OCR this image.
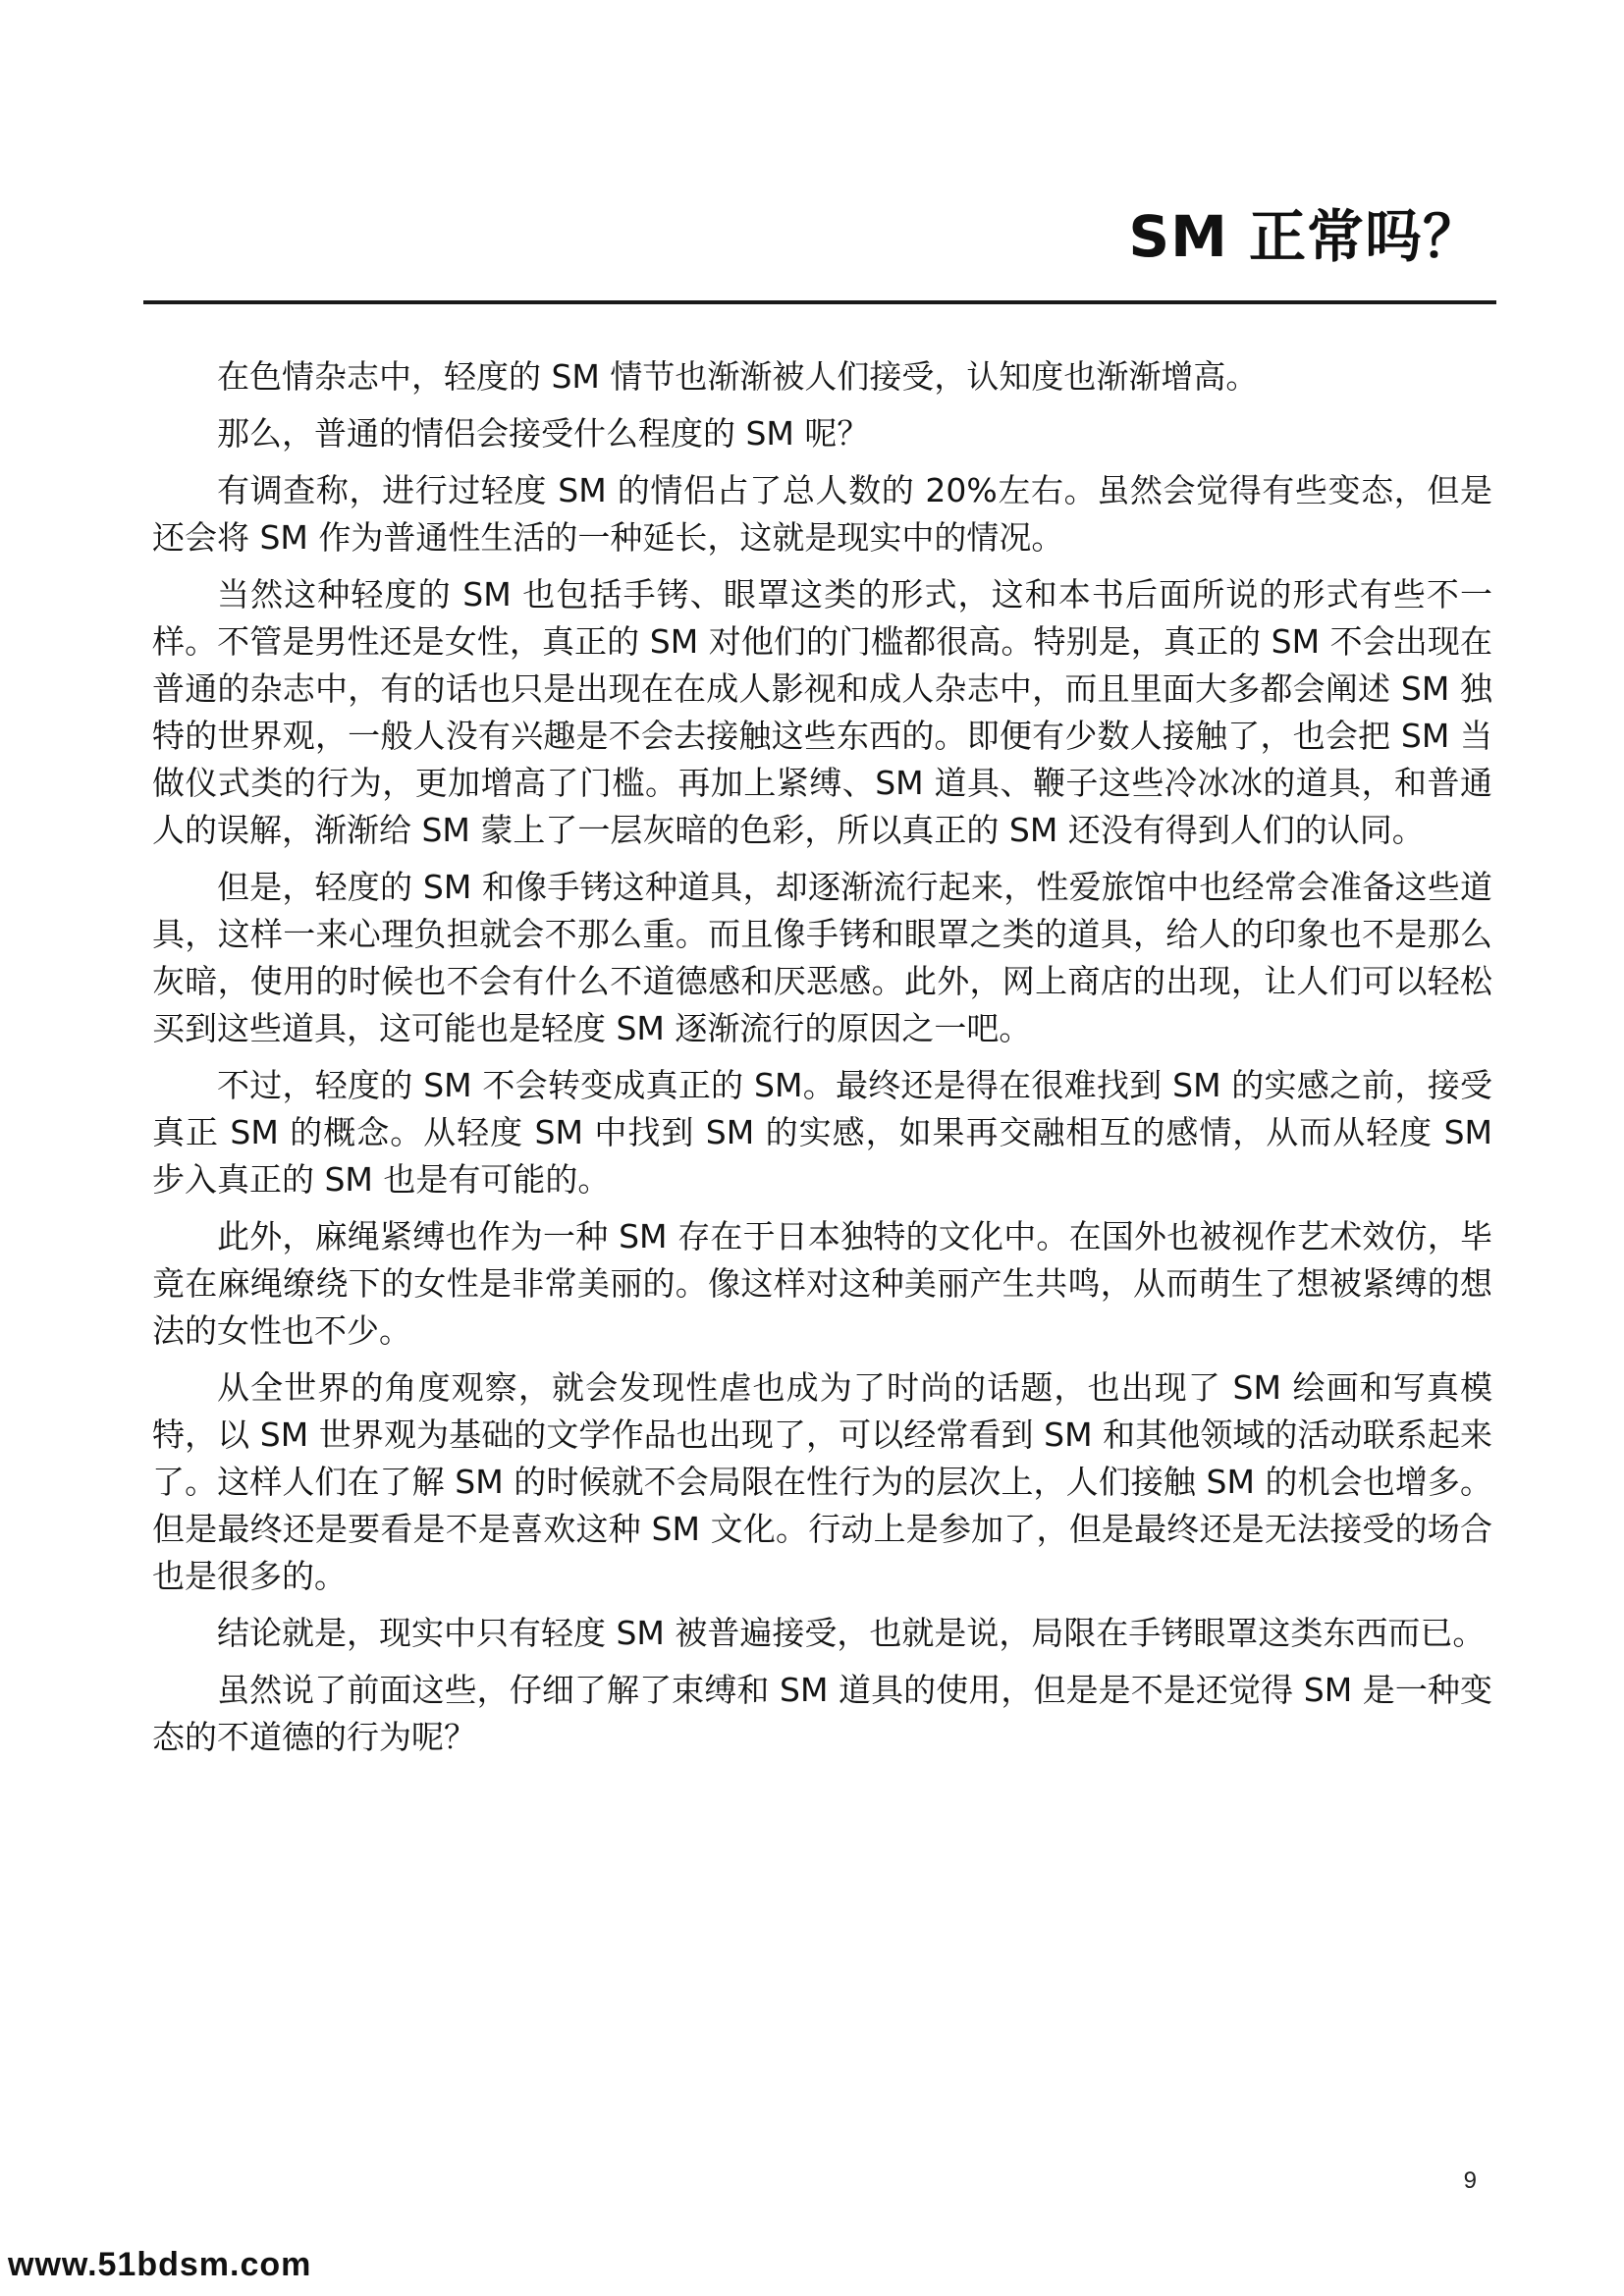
SM 正常吗？

在色情杂志中，轻度的 SM 情节也渐渐被人们接受，认知度也渐渐增高。

那么，普通的情侣会接受什么程度的 SM 呢？

有调查称，进行过轻度 SM 的情侣占了总人数的 20%左右。虽然会觉得有些变态，但是还会将 SM 作为普通性生活的一种延长，这就是现实中的情况。

当然这种轻度的 SM 也包括手铐、眼罩这类的形式，这和本书后面所说的形式有些不一样。不管是男性还是女性，真正的 SM 对他们的门槛都很高。特别是，真正的 SM 不会出现在普通的杂志中，有的话也只是出现在在成人影视和成人杂志中，而且里面大多都会阐述 SM 独特的世界观，一般人没有兴趣是不会去接触这些东西的。即便有少数人接触了，也会把 SM 当做仪式类的行为，更加增高了门槛。再加上紧缚、SM 道具、鞭子这些冷冰冰的道具，和普通人的误解，渐渐给 SM 蒙上了一层灰暗的色彩，所以真正的 SM 还没有得到人们的认同。

但是，轻度的 SM 和像手铐这种道具，却逐渐流行起来，性爱旅馆中也经常会准备这些道具，这样一来心理负担就会不那么重。而且像手铐和眼罩之类的道具，给人的印象也不是那么灰暗，使用的时候也不会有什么不道德感和厌恶感。此外，网上商店的出现，让人们可以轻松买到这些道具，这可能也是轻度 SM 逐渐流行的原因之一吧。

不过，轻度的 SM 不会转变成真正的 SM。最终还是得在很难找到 SM 的实感之前，接受真正 SM 的概念。从轻度 SM 中找到 SM 的实感，如果再交融相互的感情，从而从轻度 SM 步入真正的 SM 也是有可能的。

此外，麻绳紧缚也作为一种 SM 存在于日本独特的文化中。在国外也被视作艺术效仿，毕竟在麻绳缭绕下的女性是非常美丽的。像这样对这种美丽产生共鸣，从而萌生了想被紧缚的想法的女性也不少。

从全世界的角度观察，就会发现性虐也成为了时尚的话题，也出现了 SM 绘画和写真模特，以 SM 世界观为基础的文学作品也出现了，可以经常看到 SM 和其他领域的活动联系起来了。这样人们在了解 SM 的时候就不会局限在性行为的层次上，人们接触 SM 的机会也增多。但是最终还是要看是不是喜欢这种 SM 文化。行动上是参加了，但是最终还是无法接受的场合也是很多的。

结论就是，现实中只有轻度 SM 被普遍接受，也就是说，局限在手铐眼罩这类东西而已。

虽然说了前面这些，仔细了解了束缚和 SM 道具的使用，但是是不是还觉得 SM 是一种变态的不道德的行为呢？

9
www.51bdsm.com
